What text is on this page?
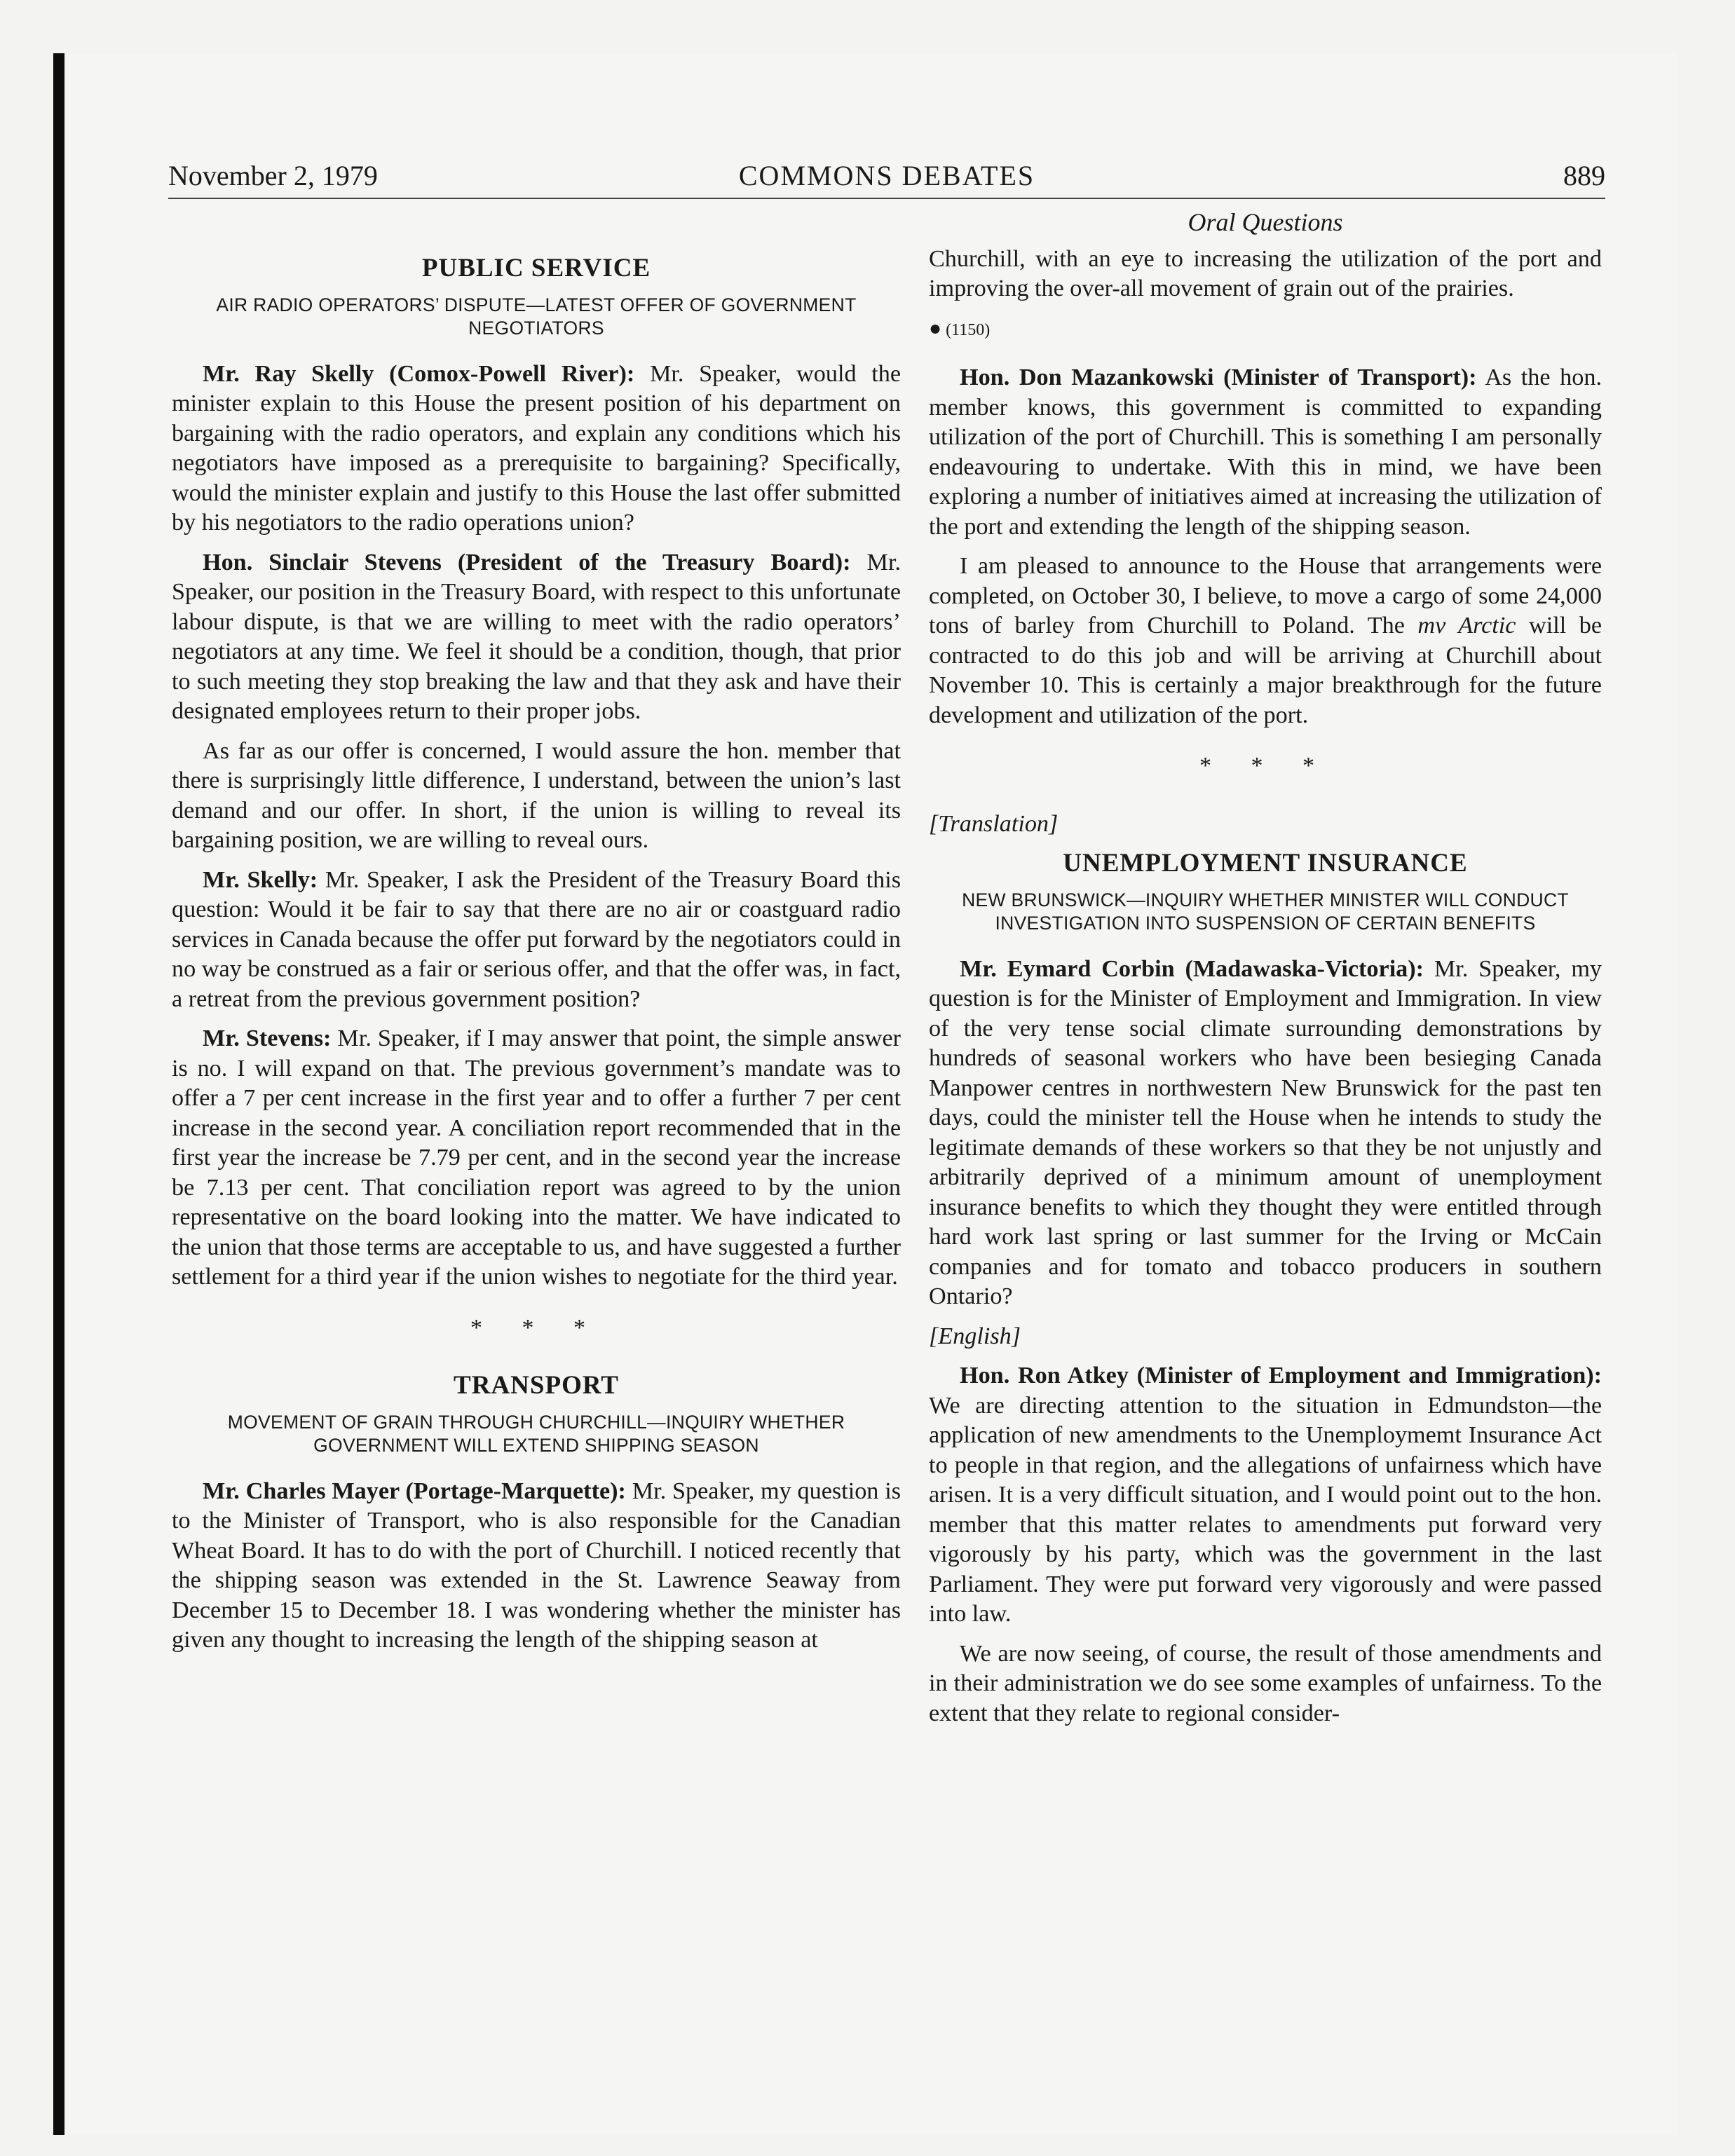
November 2, 1979	COMMONS DEBATES	889
PUBLIC SERVICE
AIR RADIO OPERATORS’ DISPUTE—LATEST OFFER OF GOVERNMENT NEGOTIATORS

Mr. Ray Skelly (Comox-Powell River): Mr. Speaker, would the minister explain to this House the present position of his department on bargaining with the radio operators, and explain any conditions which his negotiators have imposed as a prerequisite to bargaining? Specifically, would the minister explain and justify to this House the last offer submitted by his negotiators to the radio operations union?

Hon. Sinclair Stevens (President of the Treasury Board): Mr. Speaker, our position in the Treasury Board, with respect to this unfortunate labour dispute, is that we are willing to meet with the radio operators’ negotiators at any time. We feel it should be a condition, though, that prior to such meeting they stop breaking the law and that they ask and have their designated employees return to their proper jobs.

As far as our offer is concerned, I would assure the hon. member that there is surprisingly little difference, I understand, between the union’s last demand and our offer. In short, if the union is willing to reveal its bargaining position, we are willing to reveal ours.

Mr. Skelly: Mr. Speaker, I ask the President of the Treasury Board this question: Would it be fair to say that there are no air or coastguard radio services in Canada because the offer put forward by the negotiators could in no way be construed as a fair or serious offer, and that the offer was, in fact, a retreat from the previous government position?

Mr. Stevens: Mr. Speaker, if I may answer that point, the simple answer is no. I will expand on that. The previous government’s mandate was to offer a 7 per cent increase in the first year and to offer a further 7 per cent increase in the second year. A conciliation report recommended that in the first year the increase be 7.79 per cent, and in the second year the increase be 7.13 per cent. That conciliation report was agreed to by the union representative on the board looking into the matter. We have indicated to the union that those terms are acceptable to us, and have suggested a further settlement for a third year if the union wishes to negotiate for the third year.

* * *
TRANSPORT
MOVEMENT OF GRAIN THROUGH CHURCHILL—INQUIRY WHETHER GOVERNMENT WILL EXTEND SHIPPING SEASON

Mr. Charles Mayer (Portage-Marquette): Mr. Speaker, my question is to the Minister of Transport, who is also responsible for the Canadian Wheat Board. It has to do with the port of Churchill. I noticed recently that the shipping season was extended in the St. Lawrence Seaway from December 15 to December 18. I was wondering whether the minister has given any thought to increasing the length of the shipping season at

Oral Questions

Churchill, with an eye to increasing the utilization of the port and improving the over-all movement of grain out of the prairies.

● (1150)

Hon. Don Mazankowski (Minister of Transport): As the hon. member knows, this government is committed to expanding utilization of the port of Churchill. This is something I am personally endeavouring to undertake. With this in mind, we have been exploring a number of initiatives aimed at increasing the utilization of the port and extending the length of the shipping season.

I am pleased to announce to the House that arrangements were completed, on October 30, I believe, to move a cargo of some 24,000 tons of barley from Churchill to Poland. The mv Arctic will be contracted to do this job and will be arriving at Churchill about November 10. This is certainly a major breakthrough for the future development and utilization of the port.

* * *

[Translation]

UNEMPLOYMENT INSURANCE
NEW BRUNSWICK—INQUIRY WHETHER MINISTER WILL CONDUCT INVESTIGATION INTO SUSPENSION OF CERTAIN BENEFITS

Mr. Eymard Corbin (Madawaska-Victoria): Mr. Speaker, my question is for the Minister of Employment and Immigration. In view of the very tense social climate surrounding demonstrations by hundreds of seasonal workers who have been besieging Canada Manpower centres in northwestern New Brunswick for the past ten days, could the minister tell the House when he intends to study the legitimate demands of these workers so that they be not unjustly and arbitrarily deprived of a minimum amount of unemployment insurance benefits to which they thought they were entitled through hard work last spring or last summer for the Irving or McCain companies and for tomato and tobacco producers in southern Ontario?

[English]

Hon. Ron Atkey (Minister of Employment and Immigration): We are directing attention to the situation in Edmundston—the application of new amendments to the Unemploymemt Insurance Act to people in that region, and the allegations of unfairness which have arisen. It is a very difficult situation, and I would point out to the hon. member that this matter relates to amendments put forward very vigorously by his party, which was the government in the last Parliament. They were put forward very vigorously and were passed into law.

We are now seeing, of course, the result of those amendments and in their administration we do see some examples of unfairness. To the extent that they relate to regional consider-
